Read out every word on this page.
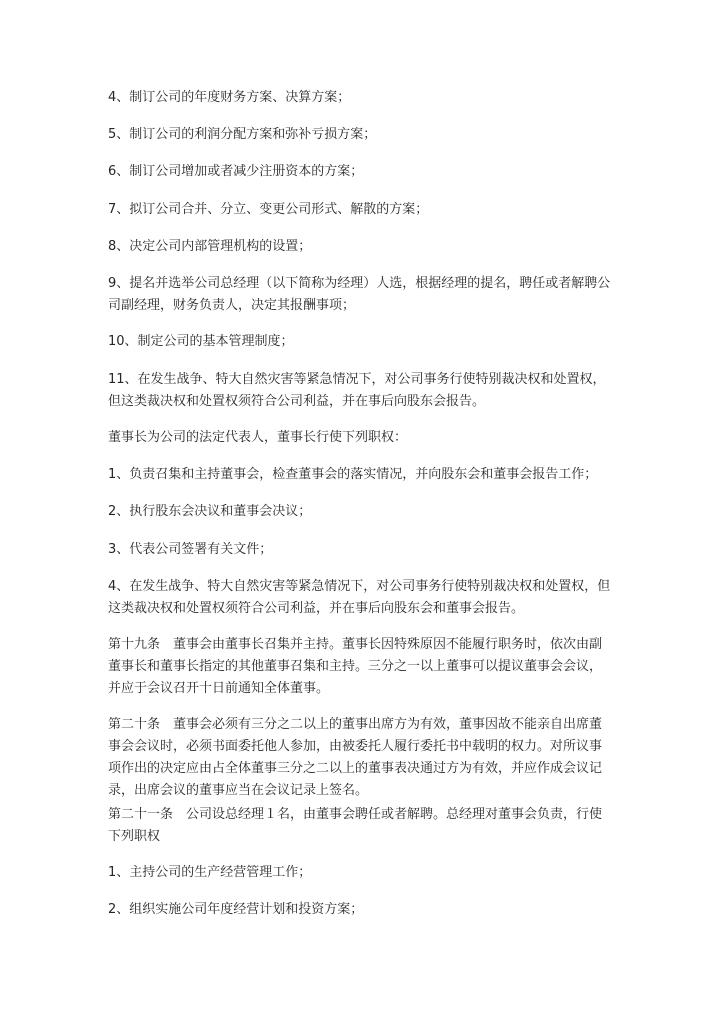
4、制订公司的年度财务方案、决算方案；

5、制订公司的利润分配方案和弥补亏损方案；

6、制订公司增加或者减少注册资本的方案；

7、拟订公司合并、分立、变更公司形式、解散的方案；

8、决定公司内部管理机构的设置；

9、提名并选举公司总经理（以下简称为经理）人选，根据经理的提名，聘任或者解聘公司副经理，财务负责人，决定其报酬事项；

10、制定公司的基本管理制度；

11、在发生战争、特大自然灾害等紧急情况下，对公司事务行使特别裁决权和处置权，但这类裁决权和处置权须符合公司利益，并在事后向股东会报告。

董事长为公司的法定代表人，董事长行使下列职权：

1、负责召集和主持董事会，检查董事会的落实情况，并向股东会和董事会报告工作；

2、执行股东会决议和董事会决议；

3、代表公司签署有关文件；

4、在发生战争、特大自然灾害等紧急情况下，对公司事务行使特别裁决权和处置权，但这类裁决权和处置权须符合公司利益，并在事后向股东会和董事会报告。

第十九条　董事会由董事长召集并主持。董事长因特殊原因不能履行职务时，依次由副董事长和董事长指定的其他董事召集和主持。三分之一以上董事可以提议董事会会议，并应于会议召开十日前通知全体董事。

第二十条　董事会必须有三分之二以上的董事出席方为有效，董事因故不能亲自出席董事会会议时，必须书面委托他人参加，由被委托人履行委托书中载明的权力。对所议事项作出的决定应由占全体董事三分之二以上的董事表决通过方为有效，并应作成会议记录，出席会议的董事应当在会议记录上签名。

第二十一条　公司设总经理１名，由董事会聘任或者解聘。总经理对董事会负责，行使下列职权

1、主持公司的生产经营管理工作；

2、组织实施公司年度经营计划和投资方案；
